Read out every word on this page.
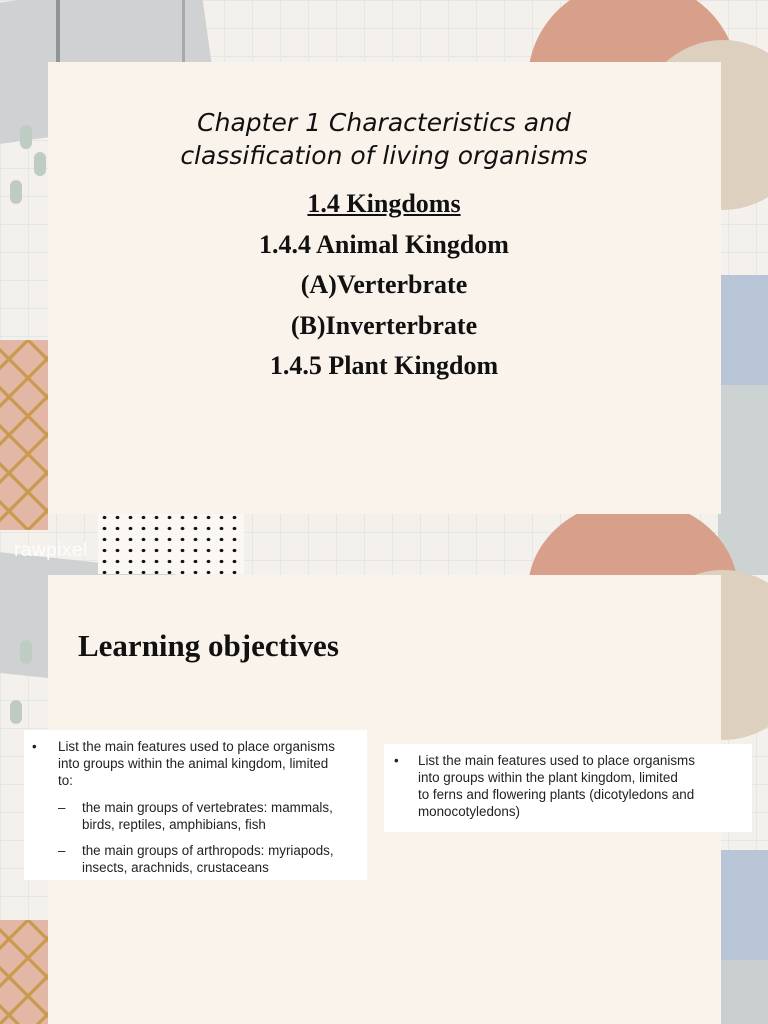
rawpixel
Chapter 1 Characteristics and
classification of living organisms
1.4 Kingdoms
1.4.4 Animal Kingdom
(A)Verterbrate
(B)Inverterbrate
1.4.5 Plant Kingdom
Learning objectives
• List the main features used to place organisms
into groups within the animal kingdom, limited
to:
– the main groups of vertebrates: mammals,
birds, reptiles, amphibians, fish
– the main groups of arthropods: myriapods,
insects, arachnids, crustaceans
• List the main features used to place organisms
into groups within the plant kingdom, limited
to ferns and flowering plants (dicotyledons and
monocotyledons)
